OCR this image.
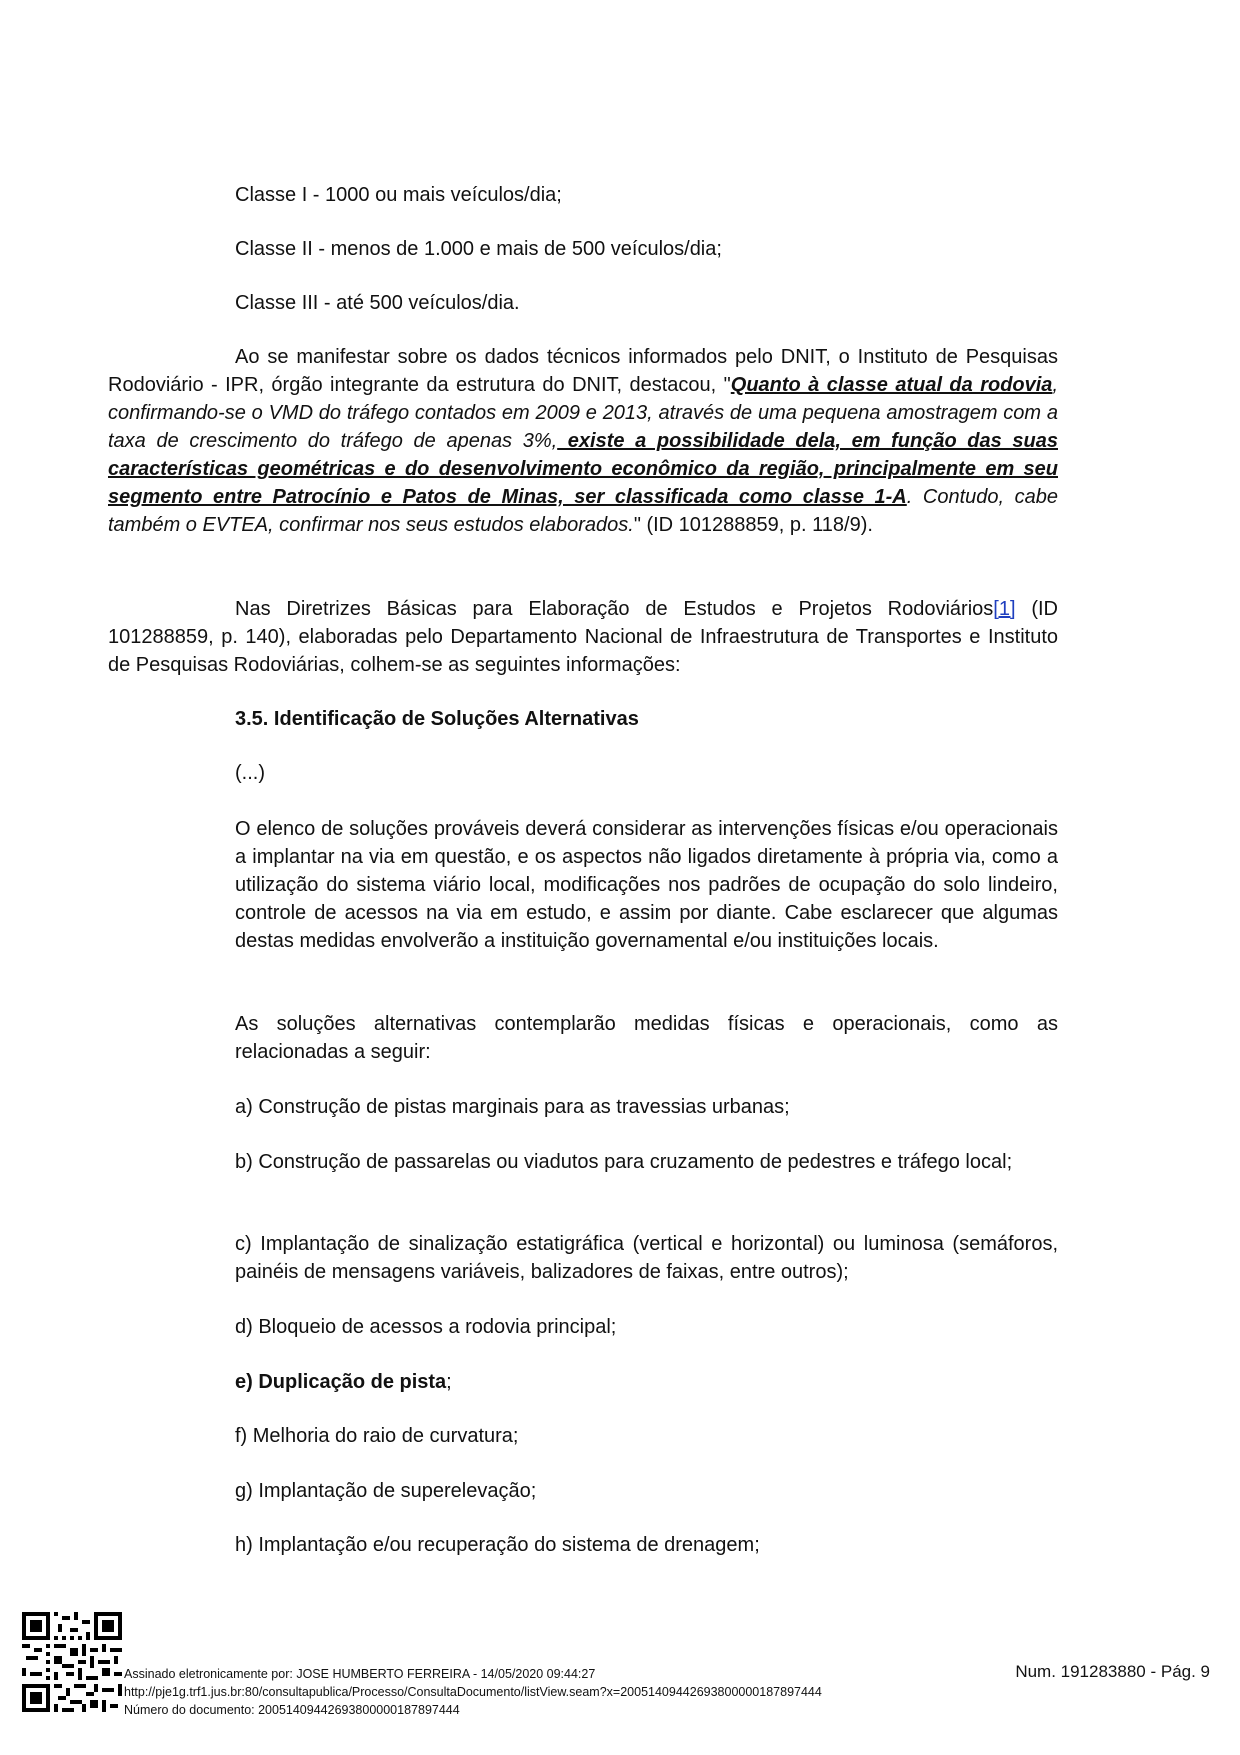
Classe I - 1000 ou mais veículos/dia;

Classe II - menos de 1.000 e mais de 500 veículos/dia;

Classe III - até 500 veículos/dia.

Ao se manifestar sobre os dados técnicos informados pelo DNIT, o Instituto de Pesquisas Rodoviário - IPR, órgão integrante da estrutura do DNIT, destacou, "Quanto à classe atual da rodovia, confirmando-se o VMD do tráfego contados em 2009 e 2013, através de uma pequena amostragem com a taxa de crescimento do tráfego de apenas 3%, existe a possibilidade dela, em função das suas características geométricas e do desenvolvimento econômico da região, principalmente em seu segmento entre Patrocínio e Patos de Minas, ser classificada como classe 1-A. Contudo, cabe também o EVTEA, confirmar nos seus estudos elaborados." (ID 101288859, p. 118/9).

Nas Diretrizes Básicas para Elaboração de Estudos e Projetos Rodoviários[1] (ID 101288859, p. 140), elaboradas pelo Departamento Nacional de Infraestrutura de Transportes e Instituto de Pesquisas Rodoviárias, colhem-se as seguintes informações:

3.5. Identificação de Soluções Alternativas

(...)

O elenco de soluções prováveis deverá considerar as intervenções físicas e/ou operacionais a implantar na via em questão, e os aspectos não ligados diretamente à própria via, como a utilização do sistema viário local, modificações nos padrões de ocupação do solo lindeiro, controle de acessos na via em estudo, e assim por diante. Cabe esclarecer que algumas destas medidas envolverão a instituição governamental e/ou instituições locais.

As soluções alternativas contemplarão medidas físicas e operacionais, como as relacionadas a seguir:

a) Construção de pistas marginais para as travessias urbanas;

b) Construção de passarelas ou viadutos para cruzamento de pedestres e tráfego local;

c) Implantação de sinalização estatigráfica (vertical e horizontal) ou luminosa (semáforos, painéis de mensagens variáveis, balizadores de faixas, entre outros);

d) Bloqueio de acessos a rodovia principal;

e) Duplicação de pista;

f) Melhoria do raio de curvatura;

g) Implantação de superelevação;

h) Implantação e/ou recuperação do sistema de drenagem;

Assinado eletronicamente por: JOSE HUMBERTO FERREIRA - 14/05/2020 09:44:27
http://pje1g.trf1.jus.br:80/consultapublica/Processo/ConsultaDocumento/listView.seam?x=20051409442693800000187897444
Número do documento: 20051409442693800000187897444
Num. 191283880 - Pág. 9
